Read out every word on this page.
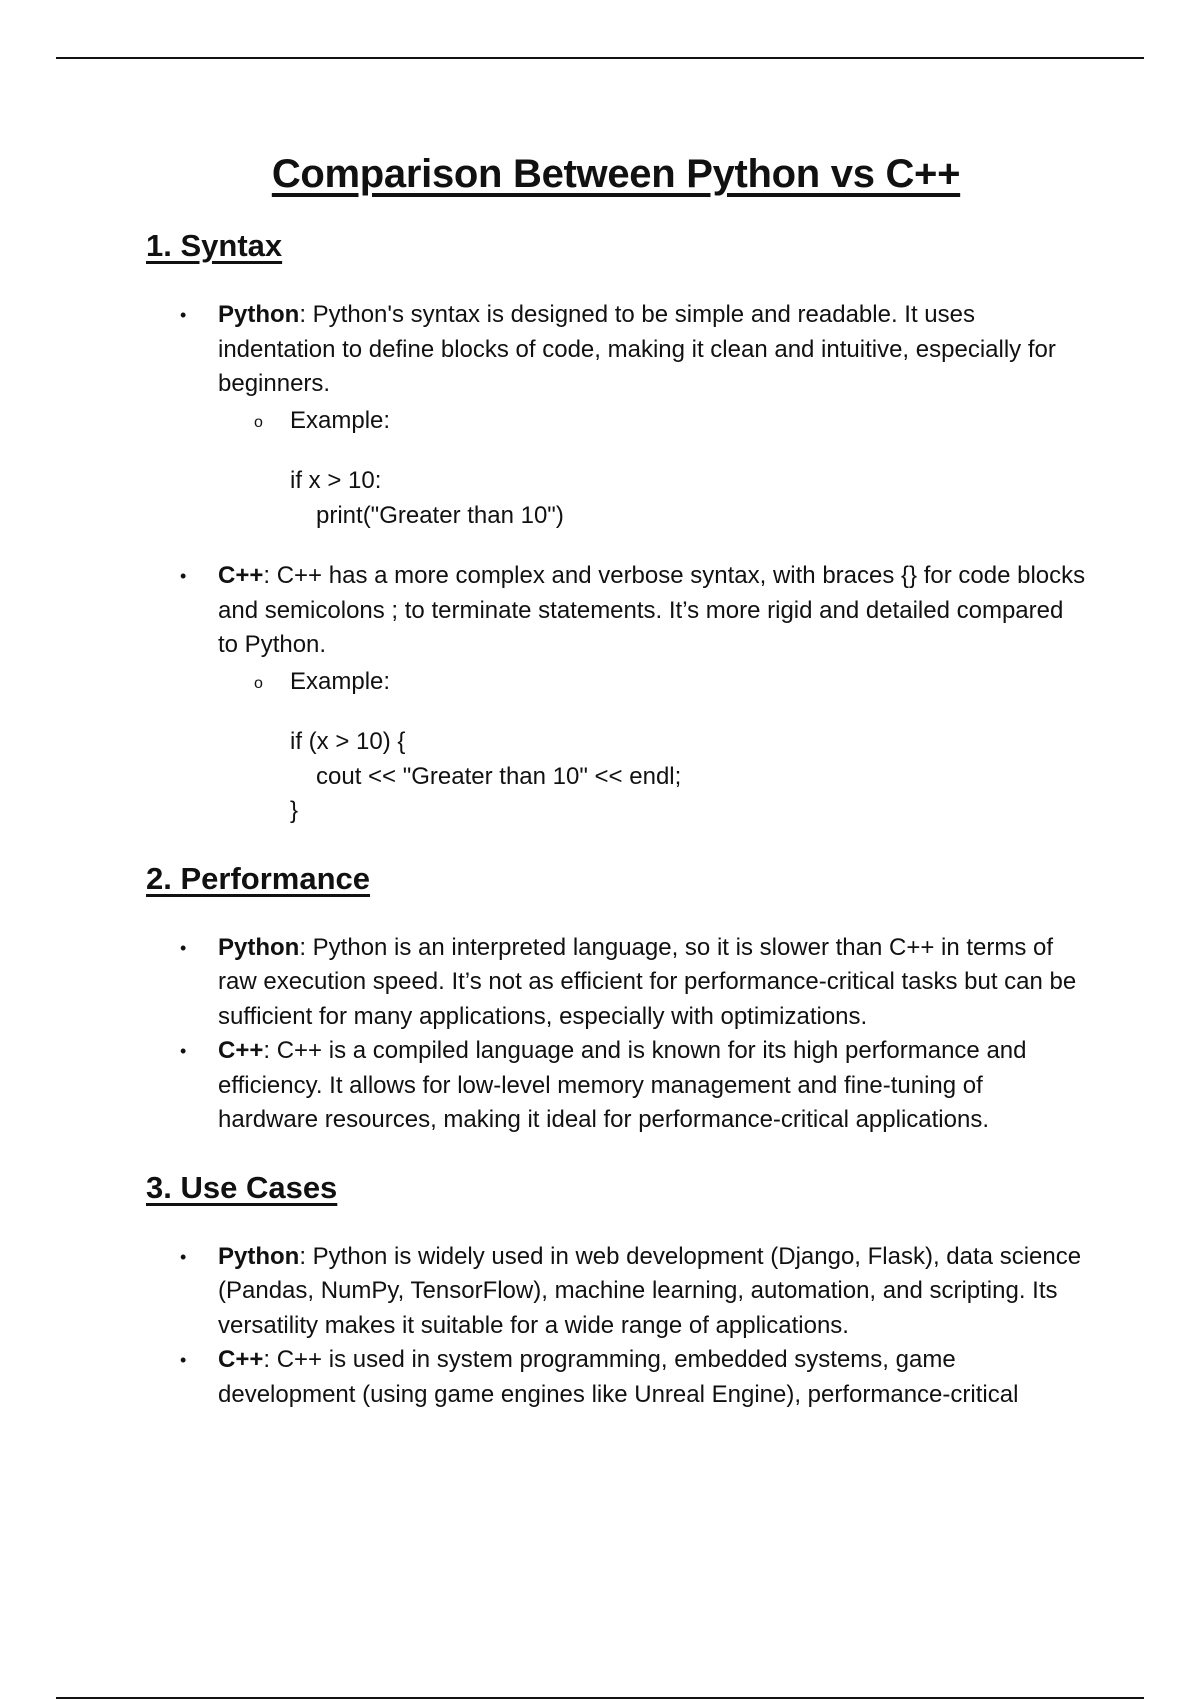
Comparison Between Python vs C++
1. Syntax
• Python: Python's syntax is designed to be simple and readable. It uses indentation to define blocks of code, making it clean and intuitive, especially for beginners.
o Example:
if x > 10:
print("Greater than 10")
• C++: C++ has a more complex and verbose syntax, with braces {} for code blocks and semicolons ; to terminate statements. It’s more rigid and detailed compared to Python.
o Example:
if (x > 10) {
cout << "Greater than 10" << endl;
}
2. Performance
• Python: Python is an interpreted language, so it is slower than C++ in terms of raw execution speed. It’s not as efficient for performance-critical tasks but can be sufficient for many applications, especially with optimizations.
• C++: C++ is a compiled language and is known for its high performance and efficiency. It allows for low-level memory management and fine-tuning of hardware resources, making it ideal for performance-critical applications.
3. Use Cases
• Python: Python is widely used in web development (Django, Flask), data science (Pandas, NumPy, TensorFlow), machine learning, automation, and scripting. Its versatility makes it suitable for a wide range of applications.
• C++: C++ is used in system programming, embedded systems, game development (using game engines like Unreal Engine), performance-critical
